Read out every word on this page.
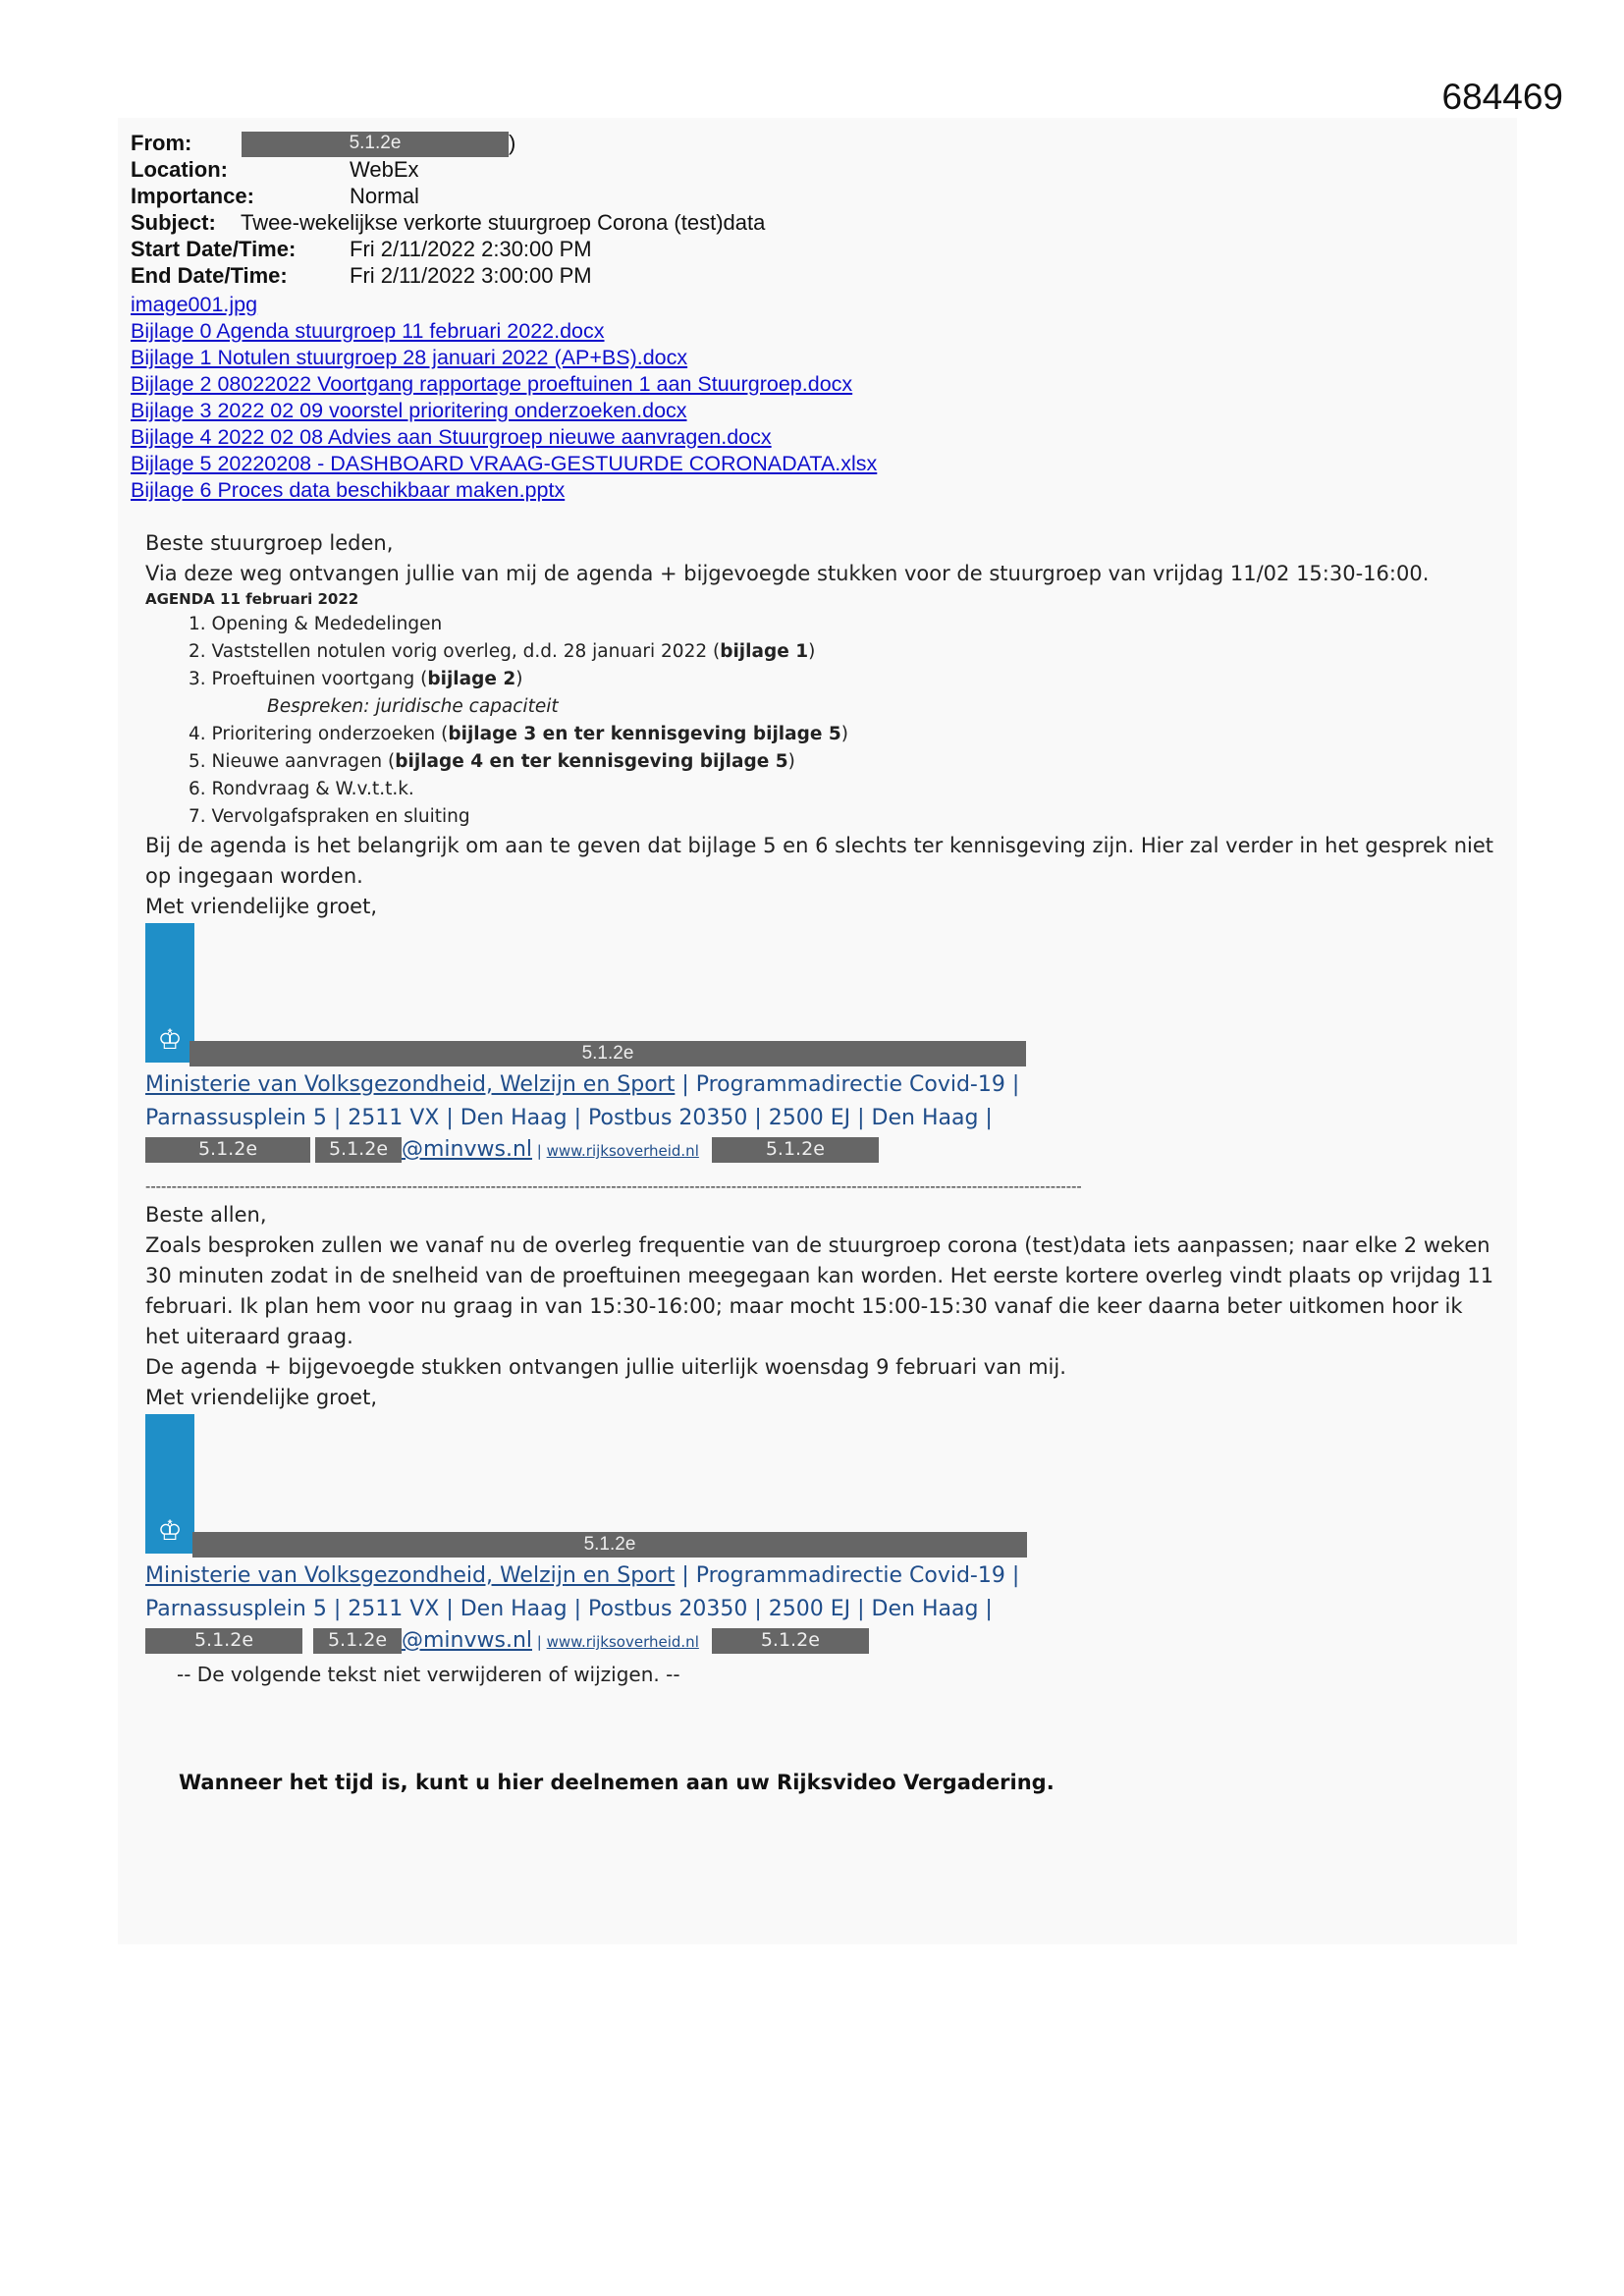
684469
From:	5.1.2e	)
Location:	WebEx
Importance:	Normal
Subject: Twee-wekelijkse verkorte stuurgroep Corona (test)data
Start Date/Time: Fri 2/11/2022 2:30:00 PM
End Date/Time:	Fri 2/11/2022 3:00:00 PM
image001.jpg
Bijlage 0 Agenda stuurgroep 11 februari 2022.docx
Bijlage 1 Notulen stuurgroep 28 januari 2022 (AP+BS).docx
Bijlage 2 08022022 Voortgang rapportage proeftuinen 1 aan Stuurgroep.docx
Bijlage 3 2022 02 09 voorstel prioritering onderzoeken.docx
Bijlage 4 2022 02 08 Advies aan Stuurgroep nieuwe aanvragen.docx
Bijlage 5 20220208 - DASHBOARD VRAAG-GESTUURDE CORONADATA.xlsx
Bijlage 6 Proces data beschikbaar maken.pptx
Beste stuurgroep leden,
Via deze weg ontvangen jullie van mij de agenda + bijgevoegde stukken voor de stuurgroep van vrijdag 11/02 15:30-16:00.
AGENDA 11 februari 2022
1. Opening & Mededelingen
2. Vaststellen notulen vorig overleg, d.d. 28 januari 2022 (bijlage 1)
3. Proeftuinen voortgang (bijlage 2)
Bespreken: juridische capaciteit
4. Prioritering onderzoeken (bijlage 3 en ter kennisgeving bijlage 5)
5. Nieuwe aanvragen (bijlage 4 en ter kennisgeving bijlage 5)
6. Rondvraag & W.v.t.t.k.
7. Vervolgafspraken en sluiting
Bij de agenda is het belangrijk om aan te geven dat bijlage 5 en 6 slechts ter kennisgeving zijn. Hier zal verder in het gesprek niet op ingegaan worden.
Met vriendelijke groet,
♔	5.1.2e
Ministerie van Volksgezondheid, Welzijn en Sport | Programmadirectie Covid-19 |
Parnassusplein 5 | 2511 VX | Den Haag | Postbus 20350 | 2500 EJ | Den Haag |
5.1.2e	5.1.2e @minvws.nl | www.rijksoverheid.nl	5.1.2e
-----------------------------------------------------------------------------------------------------------------------------------------------------------------------------------
Beste allen,
Zoals besproken zullen we vanaf nu de overleg frequentie van de stuurgroep corona (test)data iets aanpassen; naar elke 2 weken 30 minuten zodat in de snelheid van de proeftuinen meegegaan kan worden. Het eerste kortere overleg vindt plaats op vrijdag 11 februari. Ik plan hem voor nu graag in van 15:30-16:00; maar mocht 15:00-15:30 vanaf die keer daarna beter uitkomen hoor ik het uiteraard graag.
De agenda + bijgevoegde stukken ontvangen jullie uiterlijk woensdag 9 februari van mij.
Met vriendelijke groet,
♔	5.1.2e
Ministerie van Volksgezondheid, Welzijn en Sport | Programmadirectie Covid-19 |
Parnassusplein 5 | 2511 VX | Den Haag | Postbus 20350 | 2500 EJ | Den Haag |
5.1.2e	5.1.2e @minvws.nl | www.rijksoverheid.nl	5.1.2e
-- De volgende tekst niet verwijderen of wijzigen. --
Wanneer het tijd is, kunt u hier deelnemen aan uw Rijksvideo Vergadering.
